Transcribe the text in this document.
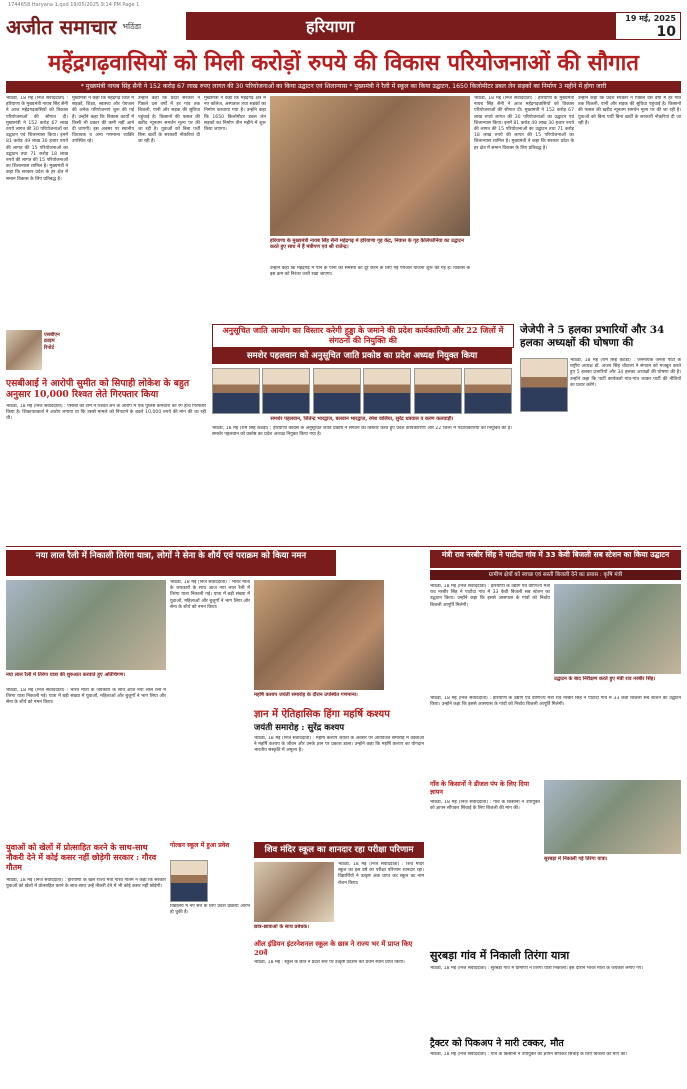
1744658 Haryana 1.qxd 19/05/2025 9:14 PM Page 1
अजीत समाचार भठिंडा	हरियाणा	19 मई, 2025
10
महेंद्रगढ़वासियों को मिली करोड़ों रुपये की विकास परियोजनाओं की सौगात
* मुख्यमंत्री नायब सिंह सैनी ने 152 करोड़ 67 लाख रुपए लागत की 30 परियोजनाओं का किया उद्घाटन एवं शिलान्यास * मुख्यमंत्री ने रैली में स्कूल का किया उद्घाटन, 1650 किलोमीटर डबल लेन सड़कों का निर्माण 3 महीने में होगा जारी
भठिंडा, 18 मई (निज संवाददाता) : हरियाणा के मुख्यमंत्री नायब सिंह सैनी ने आज महेंद्रगढ़वासियों को विकास परियोजनाओं की सौगात दी। मुख्यमंत्री ने 152 करोड़ 67 लाख रुपये लागत की 30 परियोजनाओं का उद्घाटन एवं शिलान्यास किया। इनमें 81 करोड़ 49 लाख 30 हजार रुपये की लागत की 15 परियोजनाओं का उद्घाटन तथा 71 करोड़ 18 लाख रुपये की लागत की 15 परियोजनाओं का शिलान्यास शामिल है। मुख्यमंत्री ने कहा कि सरकार प्रदेश के हर क्षेत्र में समान विकास के लिए प्रतिबद्ध है।
मुख्यमंत्री ने कहा कि महेंद्रगढ़ जिले में सड़कों, शिक्षा, स्वास्थ्य और पेयजल की अनेक परियोजनाएं शुरू की गई हैं। उन्होंने कहा कि विकास कार्यों में किसी भी प्रकार की कमी नहीं आने दी जाएगी। इस अवसर पर स्थानीय विधायक व अन्य गणमान्य व्यक्ति उपस्थित रहे।
उन्होंने कहा कि प्रदेश सरकार ने पिछले दस वर्षों में हर गांव तक बिजली, पानी और सड़क की सुविधा पहुंचाई है। किसानों की फसल की खरीद न्यूनतम समर्थन मूल्य पर की जा रही है। युवाओं को बिना पर्ची बिना खर्ची के सरकारी नौकरियां दी जा रही हैं।
मुख्यमंत्री ने कहा कि महेंद्रगढ़ क्षेत्र में नए कॉलेज, अस्पताल तथा सड़कों का निर्माण करवाया गया है। उन्होंने कहा कि 1650 किलोमीटर डबल लेन सड़कों का निर्माण तीन महीने में शुरू किया जाएगा।
हरियाणा के मुख्यमंत्री नायब सिंह सैनी महेंद्रगढ़ में हरियाणा गृह केंद्र, निवास के गृह कैलिफोर्निया का उद्घाटन करते हुए साथ में हैं मंत्रीगण एवं श्री राजेन्द्र।
उन्होंने कहा कि महेंद्रगढ़ में पीने के पानी की समस्या को दूर करने के लिए नई पेयजल योजना शुरू की गई है। विकास के इस क्रम को निरंतर जारी रखा जाएगा।
भठिंडा, 18 मई (निज संवाददाता) : हरियाणा के मुख्यमंत्री नायब सिंह सैनी ने आज महेंद्रगढ़वासियों को विकास परियोजनाओं की सौगात दी। मुख्यमंत्री ने 152 करोड़ 67 लाख रुपये लागत की 30 परियोजनाओं का उद्घाटन एवं शिलान्यास किया। इनमें 81 करोड़ 49 लाख 30 हजार रुपये की लागत की 15 परियोजनाओं का उद्घाटन तथा 71 करोड़ 18 लाख रुपये की लागत की 15 परियोजनाओं का शिलान्यास शामिल है। मुख्यमंत्री ने कहा कि सरकार प्रदेश के हर क्षेत्र में समान विकास के लिए प्रतिबद्ध है।
उन्होंने कहा कि प्रदेश सरकार ने पिछले दस वर्षों में हर गांव तक बिजली, पानी और सड़क की सुविधा पहुंचाई है। किसानों की फसल की खरीद न्यूनतम समर्थन मूल्य पर की जा रही है। युवाओं को बिना पर्ची बिना खर्ची के सरकारी नौकरियां दी जा रही हैं।
एसबीएन क्राइम रिपोर्ट
एसबीआई ने आरोपी सुमीत को सिपाही लोकेश के बहुत अनुसार 10,000 रिश्वत लेते गिरफ्तार किया
भठिंडा, 18 मई (निज संवाददाता) : एसीबी की टीम ने रिश्वत लेने के आरोप में एक पुलिस कर्मचारी को रंगे हाथ गिरफ्तार किया है। शिकायतकर्ता ने आरोप लगाया था कि उससे मामले को निपटाने के बदले 10,000 रुपये की मांग की जा रही थी।
अनुसूचित जाति आयोग का विस्तार करेगी हुड्डा के जमाने की प्रदेश कार्यकारिणी और 22 जिलों में संगठनों की नियुक्ति की
समशेर पहलवान को अनुसूचित जाति प्रकोष्ठ का प्रदेश अध्यक्ष नियुक्त किया
समशेर पहलवान, जितेन्द्र भारद्वाज, बलवान भारद्वाज, रमेश वालिया, सुरेंद्र धत्रवाल व करण कलवाड़ी।
भठिंडा, 18 मई (राम सिंह कटड़ा) : हरियाणा कांग्रेस के अनुसूचित जाति प्रकोष्ठ ने संगठन का विस्तार करते हुए प्रदेश कार्यकारिणी और 22 जिलों में पदाधिकारियों की नियुक्ति की है। समशेर पहलवान को प्रकोष्ठ का प्रदेश अध्यक्ष नियुक्त किया गया है।
जेजेपी ने 5 हलका प्रभारियों और 34 हलका अध्यक्षों की घोषणा की
भठिंडा, 18 मई (राम सिंह कटड़ा) : जननायक जनता पार्टी के राष्ट्रीय अध्यक्ष डॉ. अजय सिंह चौटाला ने संगठन को मजबूत करते हुए 5 हलका प्रभारियों और 34 हलका अध्यक्षों की घोषणा की है। उन्होंने कहा कि पार्टी कार्यकर्ता गांव-गांव जाकर पार्टी की नीतियों का प्रचार करेंगे।
नया लाल रैली में निकाली तिरंगा यात्रा, लोगों ने सेना के शौर्य एवं पराक्रम को किया नमन
नया लाल रैली में तिरंगा यात्रा की शुरुआत करवाते हुए अतिथिगण।
भठिंडा, 18 मई (निज संवाददाता) : भारत माता के जयकारों के साथ आज नया लाल रैली में तिरंगा यात्रा निकाली गई। यात्रा में बड़ी संख्या में युवाओं, महिलाओं और बुजुर्गों ने भाग लिया और सेना के शौर्य को नमन किया।
भठिंडा, 18 मई (निज संवाददाता) : भारत माता के जयकारों के साथ आज नया लाल रैली में तिरंगा यात्रा निकाली गई। यात्रा में बड़ी संख्या में युवाओं, महिलाओं और बुजुर्गों ने भाग लिया और सेना के शौर्य को नमन किया।
महर्षि कश्यप जयंती समारोह के दौरान उपस्थित गणमान्य।
ज्ञान में ऐतिहासिक हिंगा महर्षि कश्यप
जयंती समारोह : सुरेंद्र कश्यप
भठिंडा, 18 मई (निज संवाददाता) : महर्षि कश्यप जयंती के अवसर पर आयोजित समारोह में वक्ताओं ने महर्षि कश्यप के जीवन और उनके ज्ञान पर प्रकाश डाला। उन्होंने कहा कि महर्षि कश्यप का योगदान भारतीय संस्कृति में अमूल्य है।
मंत्री राव नरबीर सिंह ने पाटौदा गांव में 33 केवी बिजली सब स्टेशन का किया उद्घाटन
ग्रामीण क्षेत्रों को स्वच्छ एवं सस्ती बिजली देने का प्रयास : कृषि मंत्री
भठिंडा, 18 मई (निज संवाददाता) : हरियाणा के उद्योग एवं वाणिज्य मंत्री राव नरबीर सिंह ने पाटौदा गांव में 33 केवी बिजली सब स्टेशन का उद्घाटन किया। उन्होंने कहा कि इससे आसपास के गांवों को निर्बाध बिजली आपूर्ति मिलेगी।
उद्घाटन के बाद निरीक्षण करते हुए मंत्री राव नरबीर सिंह।
भठिंडा, 18 मई (निज संवाददाता) : हरियाणा के उद्योग एवं वाणिज्य मंत्री राव नरबीर सिंह ने पाटौदा गांव में 33 केवी बिजली सब स्टेशन का उद्घाटन किया। उन्होंने कहा कि इससे आसपास के गांवों को निर्बाध बिजली आपूर्ति मिलेगी।
युवाओं को खेलों में प्रोत्साहित करने के साथ-साथ नौकरी देने में कोई कसर नहीं छोड़ेगी सरकार : गौरव गौतम
भठिंडा, 18 मई (निज संवाददाता) : हरियाणा के खेल राज्य मंत्री गौरव गौतम ने कहा कि सरकार युवाओं को खेलों में प्रोत्साहित करने के साथ-साथ उन्हें नौकरी देने में भी कोई कसर नहीं छोड़ेगी।
गोल्डन स्कूल में हुआ प्रवेश
विद्यालय में नए सत्र के लिए प्रवेश प्रक्रिया आरंभ हो चुकी है।
शिव मंदिर स्कूल का शानदार रहा परीक्षा परिणाम
छात्र-छात्राओं के साथ प्रबंधक।
भठिंडा, 18 मई (निज संवाददाता) : शिव मंदिर स्कूल का इस वर्ष का परीक्षा परिणाम शानदार रहा। विद्यार्थियों ने उत्कृष्ट अंक प्राप्त कर स्कूल का नाम रोशन किया।
ऑल इंडियन इंटरनेशनल स्कूल के छात्र ने राज्य भर में प्राप्त किए 20वें
भठिंडा, 18 मई : स्कूल के छात्र ने प्रदेश स्तर पर उत्कृष्ट प्रदर्शन कर प्रथम स्थान प्राप्त किया।
गाँव के किसानों ने डीजल पंप के लिए दिया ज्ञापन
भठिंडा, 18 मई (निज संवाददाता) : गांव के किसानों ने उपायुक्त को ज्ञापन सौंपकर सिंचाई के लिए बिजली की मांग की।
सुरबड़ा में निकाली गई तिरंगा यात्रा।
सुरबड़ा गांव में निकाली तिरंगा यात्रा
भठिंडा, 18 मई (निज संवाददाता) : सुरबड़ा गांव में ग्रामीणों ने तिरंगा यात्रा निकाली। इस दौरान भारत माता के जयकारे लगाए गए।
ट्रैक्टर को पिकअप ने मारी टक्कर, मौत
भठिंडा, 18 मई (निज संवाददाता) : गांव के किसानों ने उपायुक्त को ज्ञापन सौंपकर सिंचाई के लिए बिजली की मांग की।
